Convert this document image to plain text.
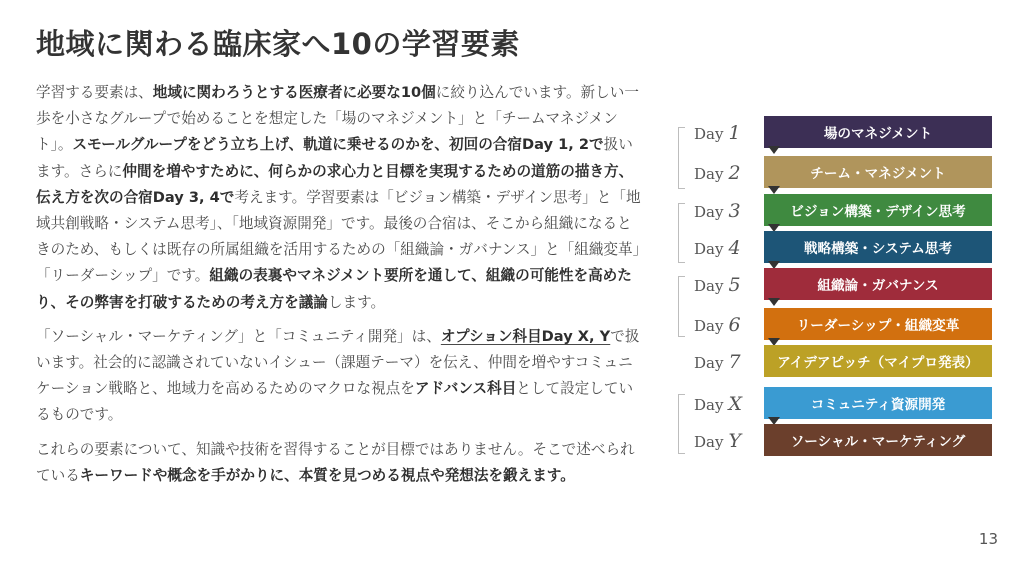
地域に関わる臨床家へ10の学習要素

学習する要素は、地域に関わろうとする医療者に必要な10個に絞り込んでいます。新しい一歩を小さなグループで始めることを想定した「場のマネジメント」と「チームマネジメント」。スモールグループをどう立ち上げ、軌道に乗せるのかを、初回の合宿Day 1, 2で扱います。さらに仲間を増やすために、何らかの求心力と目標を実現するための道筋の描き方、伝え方を次の合宿Day 3, 4で考えます。学習要素は「ビジョン構築・デザイン思考」と「地域共創戦略・システム思考」、「地域資源開発」です。最後の合宿は、そこから組織になるときのため、もしくは既存の所属組織を活用するための「組織論・ガバナンス」と「組織変革」「リーダーシップ」です。組織の表裏やマネジメント要所を通して、組織の可能性を高めたり、その弊害を打破するための考え方を議論します。

「ソーシャル・マーケティング」と「コミュニティ開発」は、オプション科目Day X, Yで扱います。社会的に認識されていないイシュー（課題テーマ）を伝え、仲間を増やすコミュニケーション戦略と、地域力を高めるためのマクロな視点をアドバンス科目として設定しているものです。

これらの要素について、知識や技術を習得することが目標ではありません。そこで述べられているキーワードや概念を手がかりに、本質を見つめる視点や発想法を鍛えます。

Day 1	場のマネジメント
Day 2	チーム・マネジメント
Day 3	ビジョン構築・デザイン思考
Day 4	戦略構築・システム思考
Day 5	組織論・ガバナンス
Day 6	リーダーシップ・組織変革
Day 7	アイデアピッチ（マイプロ発表）
Day X	コミュニティ資源開発
Day Y	ソーシャル・マーケティング
13
